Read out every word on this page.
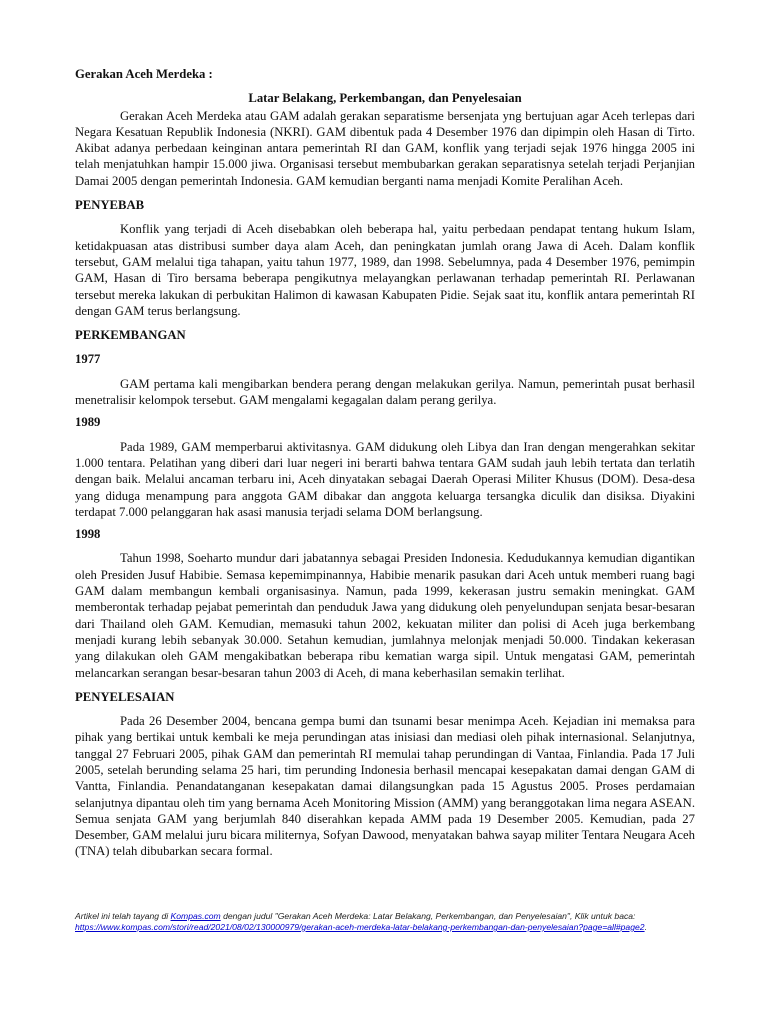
Gerakan Aceh Merdeka :
Latar Belakang, Perkembangan, dan Penyelesaian

Gerakan Aceh Merdeka atau GAM adalah gerakan separatisme bersenjata yng bertujuan agar Aceh terlepas dari Negara Kesatuan Republik Indonesia (NKRI). GAM dibentuk pada 4 Desember 1976 dan dipimpin oleh Hasan di Tirto. Akibat adanya perbedaan keinginan antara pemerintah RI dan GAM, konflik yang terjadi sejak 1976 hingga 2005 ini telah menjatuhkan hampir 15.000 jiwa. Organisasi tersebut membubarkan gerakan separatisnya setelah terjadi Perjanjian Damai 2005 dengan pemerintah Indonesia. GAM kemudian berganti nama menjadi Komite Peralihan Aceh.

PENYEBAB

Konflik yang terjadi di Aceh disebabkan oleh beberapa hal, yaitu perbedaan pendapat tentang hukum Islam, ketidakpuasan atas distribusi sumber daya alam Aceh, dan peningkatan jumlah orang Jawa di Aceh. Dalam konflik tersebut, GAM melalui tiga tahapan, yaitu tahun 1977, 1989, dan 1998. Sebelumnya, pada 4 Desember 1976, pemimpin GAM, Hasan di Tiro bersama beberapa pengikutnya melayangkan perlawanan terhadap pemerintah RI. Perlawanan tersebut mereka lakukan di perbukitan Halimon di kawasan Kabupaten Pidie. Sejak saat itu, konflik antara pemerintah RI dengan GAM terus berlangsung.

PERKEMBANGAN
1977

GAM pertama kali mengibarkan bendera perang dengan melakukan gerilya. Namun, pemerintah pusat berhasil menetralisir kelompok tersebut. GAM mengalami kegagalan dalam perang gerilya.

1989

Pada 1989, GAM memperbarui aktivitasnya. GAM didukung oleh Libya dan Iran dengan mengerahkan sekitar 1.000 tentara. Pelatihan yang diberi dari luar negeri ini berarti bahwa tentara GAM sudah jauh lebih tertata dan terlatih dengan baik. Melalui ancaman terbaru ini, Aceh dinyatakan sebagai Daerah Operasi Militer Khusus (DOM). Desa-desa yang diduga menampung para anggota GAM dibakar dan anggota keluarga tersangka diculik dan disiksa. Diyakini terdapat 7.000 pelanggaran hak asasi manusia terjadi selama DOM berlangsung.

1998

Tahun 1998, Soeharto mundur dari jabatannya sebagai Presiden Indonesia. Kedudukannya kemudian digantikan oleh Presiden Jusuf Habibie. Semasa kepemimpinannya, Habibie menarik pasukan dari Aceh untuk memberi ruang bagi GAM dalam membangun kembali organisasinya. Namun, pada 1999, kekerasan justru semakin meningkat. GAM memberontak terhadap pejabat pemerintah dan penduduk Jawa yang didukung oleh penyelundupan senjata besar-besaran dari Thailand oleh GAM. Kemudian, memasuki tahun 2002, kekuatan militer dan polisi di Aceh juga berkembang menjadi kurang lebih sebanyak 30.000. Setahun kemudian, jumlahnya melonjak menjadi 50.000. Tindakan kekerasan yang dilakukan oleh GAM mengakibatkan beberapa ribu kematian warga sipil. Untuk mengatasi GAM, pemerintah melancarkan serangan besar-besaran tahun 2003 di Aceh, di mana keberhasilan semakin terlihat.

PENYELESAIAN

Pada 26 Desember 2004, bencana gempa bumi dan tsunami besar menimpa Aceh. Kejadian ini memaksa para pihak yang bertikai untuk kembali ke meja perundingan atas inisiasi dan mediasi oleh pihak internasional. Selanjutnya, tanggal 27 Februari 2005, pihak GAM dan pemerintah RI memulai tahap perundingan di Vantaa, Finlandia. Pada 17 Juli 2005, setelah berunding selama 25 hari, tim perunding Indonesia berhasil mencapai kesepakatan damai dengan GAM di Vantta, Finlandia. Penandatanganan kesepakatan damai dilangsungkan pada 15 Agustus 2005. Proses perdamaian selanjutnya dipantau oleh tim yang bernama Aceh Monitoring Mission (AMM) yang beranggotakan lima negara ASEAN. Semua senjata GAM yang berjumlah 840 diserahkan kepada AMM pada 19 Desember 2005. Kemudian, pada 27 Desember, GAM melalui juru bicara militernya, Sofyan Dawood, menyatakan bahwa sayap militer Tentara Neugara Aceh (TNA) telah dibubarkan secara formal.

Artikel ini telah tayang di Kompas.com dengan judul "Gerakan Aceh Merdeka: Latar Belakang, Perkembangan, dan Penyelesaian", Klik untuk baca: https://www.kompas.com/stori/read/2021/08/02/130000979/gerakan-aceh-merdeka-latar-belakang-perkembangan-dan-penyelesaian?page=all#page2.
